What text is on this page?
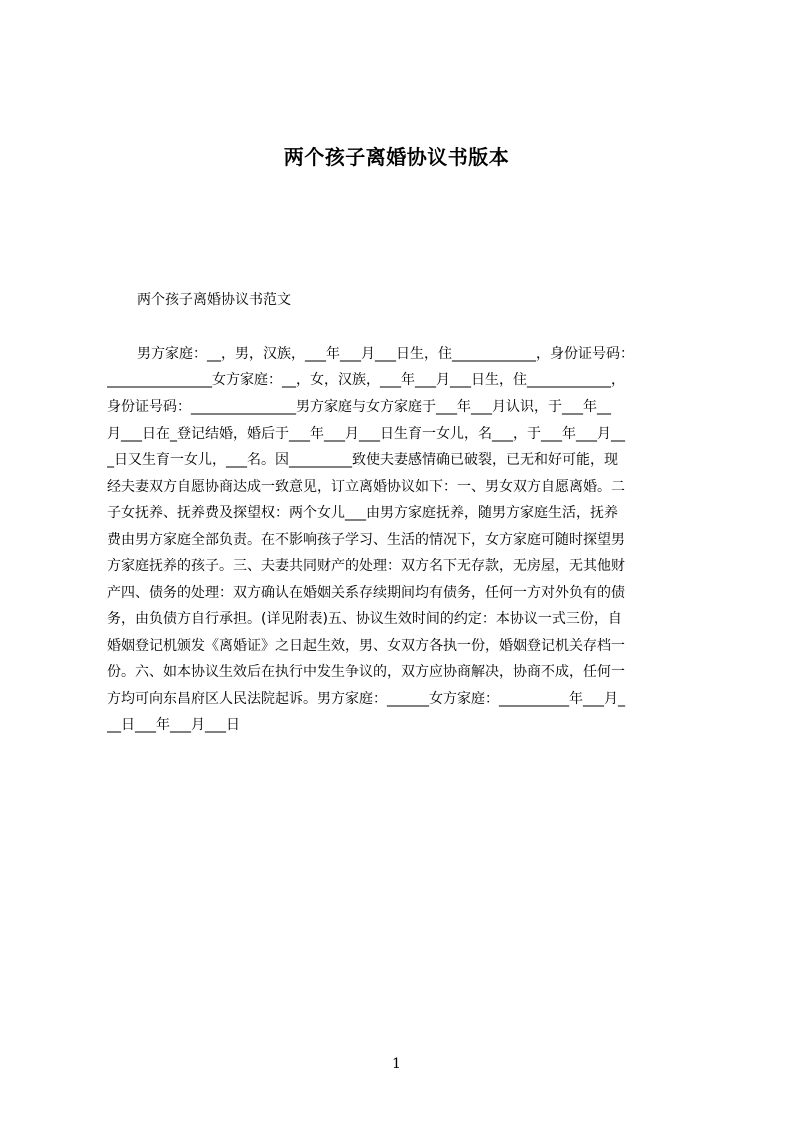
两个孩子离婚协议书版本
两个孩子离婚协议书范文
男方家庭：__，男，汉族，___年___月___日生，住____________，身份证号码：
_______________女方家庭：__，女，汉族，___年___月___日生，住____________，
身份证号码：_______________男方家庭与女方家庭于___年___月认识，于___年__
月___日在_登记结婚，婚后于___年___月___日生育一女儿，名___，于___年___月__
_日又生育一女儿，___名。因_________致使夫妻感情确已破裂，已无和好可能，现
经夫妻双方自愿协商达成一致意见，订立离婚协议如下：一、男女双方自愿离婚。二
子女抚养、抚养费及探望权：两个女儿___由男方家庭抚养，随男方家庭生活，抚养
费由男方家庭全部负责。在不影响孩子学习、生活的情况下，女方家庭可随时探望男
方家庭抚养的孩子。三、夫妻共同财产的处理：双方名下无存款，无房屋，无其他财
产四、债务的处理：双方确认在婚姻关系存续期间均有债务，任何一方对外负有的债
务，由负债方自行承担。(详见附表)五、协议生效时间的约定：本协议一式三份，自
婚姻登记机颁发《离婚证》之日起生效，男、女双方各执一份，婚姻登记机关存档一
份。六、如本协议生效后在执行中发生争议的，双方应协商解决，协商不成，任何一
方均可向东昌府区人民法院起诉。男方家庭：______女方家庭：__________年___月_
__日___年___月___日
1
